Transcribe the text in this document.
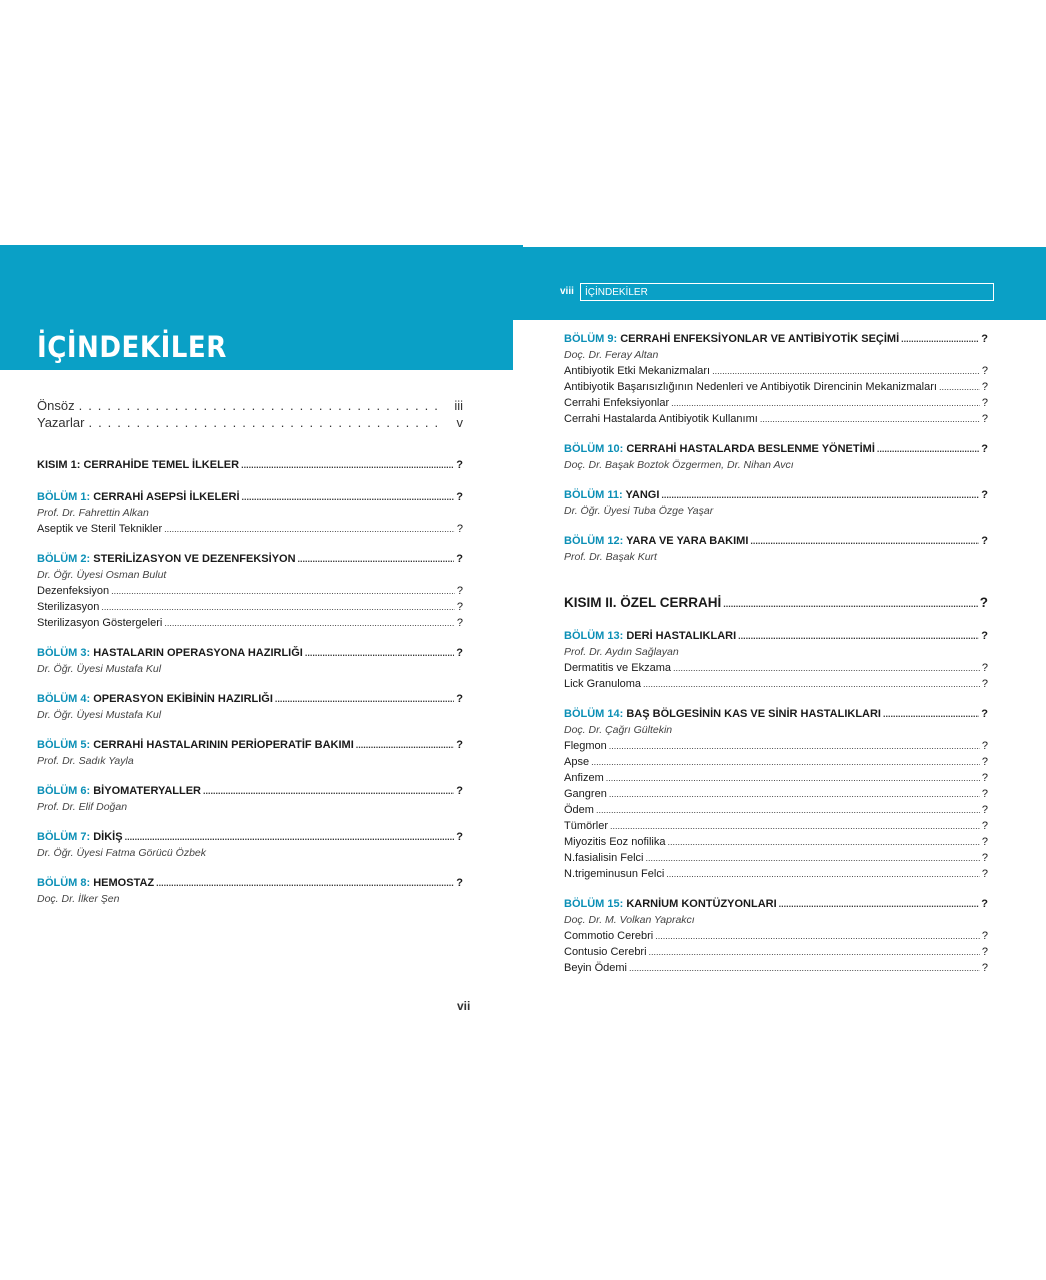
İÇİNDEKİLER
viii	İÇİNDEKİLER
Önsöz .....	iii
Yazarlar .....	v
KISIM 1: CERRAHİDE TEMEL İLKELER .....	?
BÖLÜM 1: CERRAHİ ASEPSİ İLKELERİ .....	?
Prof. Dr. Fahrettin Alkan
Aseptik ve Steril Teknikler .....	?
BÖLÜM 2: STERİLİZASYON VE DEZENFEKSİYON .....	?
Dr. Öğr. Üyesi Osman Bulut
Dezenfeksiyon .....	?
Sterilizasyon .....	?
Sterilizasyon Göstergeleri .....	?
BÖLÜM 3: HASTALARIN OPERASYONA HAZIRLIĞI .....	?
Dr. Öğr. Üyesi Mustafa Kul
BÖLÜM 4: OPERASYON EKİBİNİN HAZIRLIĞI .....	?
Dr. Öğr. Üyesi Mustafa Kul
BÖLÜM 5: CERRAHİ HASTALARININ PERİOPERATİF BAKIMI .....	?
Prof. Dr. Sadık Yayla
BÖLÜM 6: BİYOMATERYALLER .....	?
Prof. Dr. Elif Doğan
BÖLÜM 7: DİKİŞ .....	?
Dr. Öğr. Üyesi Fatma Görücü Özbek
BÖLÜM 8: HEMOSTAZ .....	?
Doç. Dr. İlker Şen
BÖLÜM 9: CERRAHİ ENFEKSİYONLAR VE ANTİBİYOTİK SEÇİMİ .....	?
Doç. Dr. Feray Altan
Antibiyotik Etki Mekanizmaları .....	?
Antibiyotik Başarısızlığının Nedenleri ve Antibiyotik Direncinin Mekanizmaları .....	?
Cerrahi Enfeksiyonlar .....	?
Cerrahi Hastalarda Antibiyotik Kullanımı .....	?
BÖLÜM 10: CERRAHİ HASTALARDA BESLENME YÖNETİMİ .....	?
Doç. Dr. Başak Boztok Özgermen, Dr. Nihan Avcı
BÖLÜM 11: YANGI .....	?
Dr. Öğr. Üyesi Tuba Özge Yaşar
BÖLÜM 12: YARA VE YARA BAKIMI .....	?
Prof. Dr. Başak Kurt
KISIM II. ÖZEL CERRAHİ .....	?
BÖLÜM 13: DERİ HASTALIKLARI .....	?
Prof. Dr. Aydın Sağlayan
Dermatitis ve Ekzama .....	?
Lick Granuloma .....	?
BÖLÜM 14: BAŞ BÖLGESİNİN KAS VE SİNİR HASTALIKLARI .....	?
Doç. Dr. Çağrı Gültekin
Flegmon .....	?
Apse .....	?
Anfizem .....	?
Gangren .....	?
Ödem .....	?
Tümörler .....	?
Miyozitis Eoz nofilika .....	?
N.fasialisin Felci .....	?
N.trigeminusun Felci .....	?
BÖLÜM 15: KARNİUM KONTÜZYONLARI .....	?
Doç. Dr. M. Volkan Yaprakcı
Commotio Cerebri .....	?
Contusio Cerebri .....	?
Beyin Ödemi .....	?
vii
